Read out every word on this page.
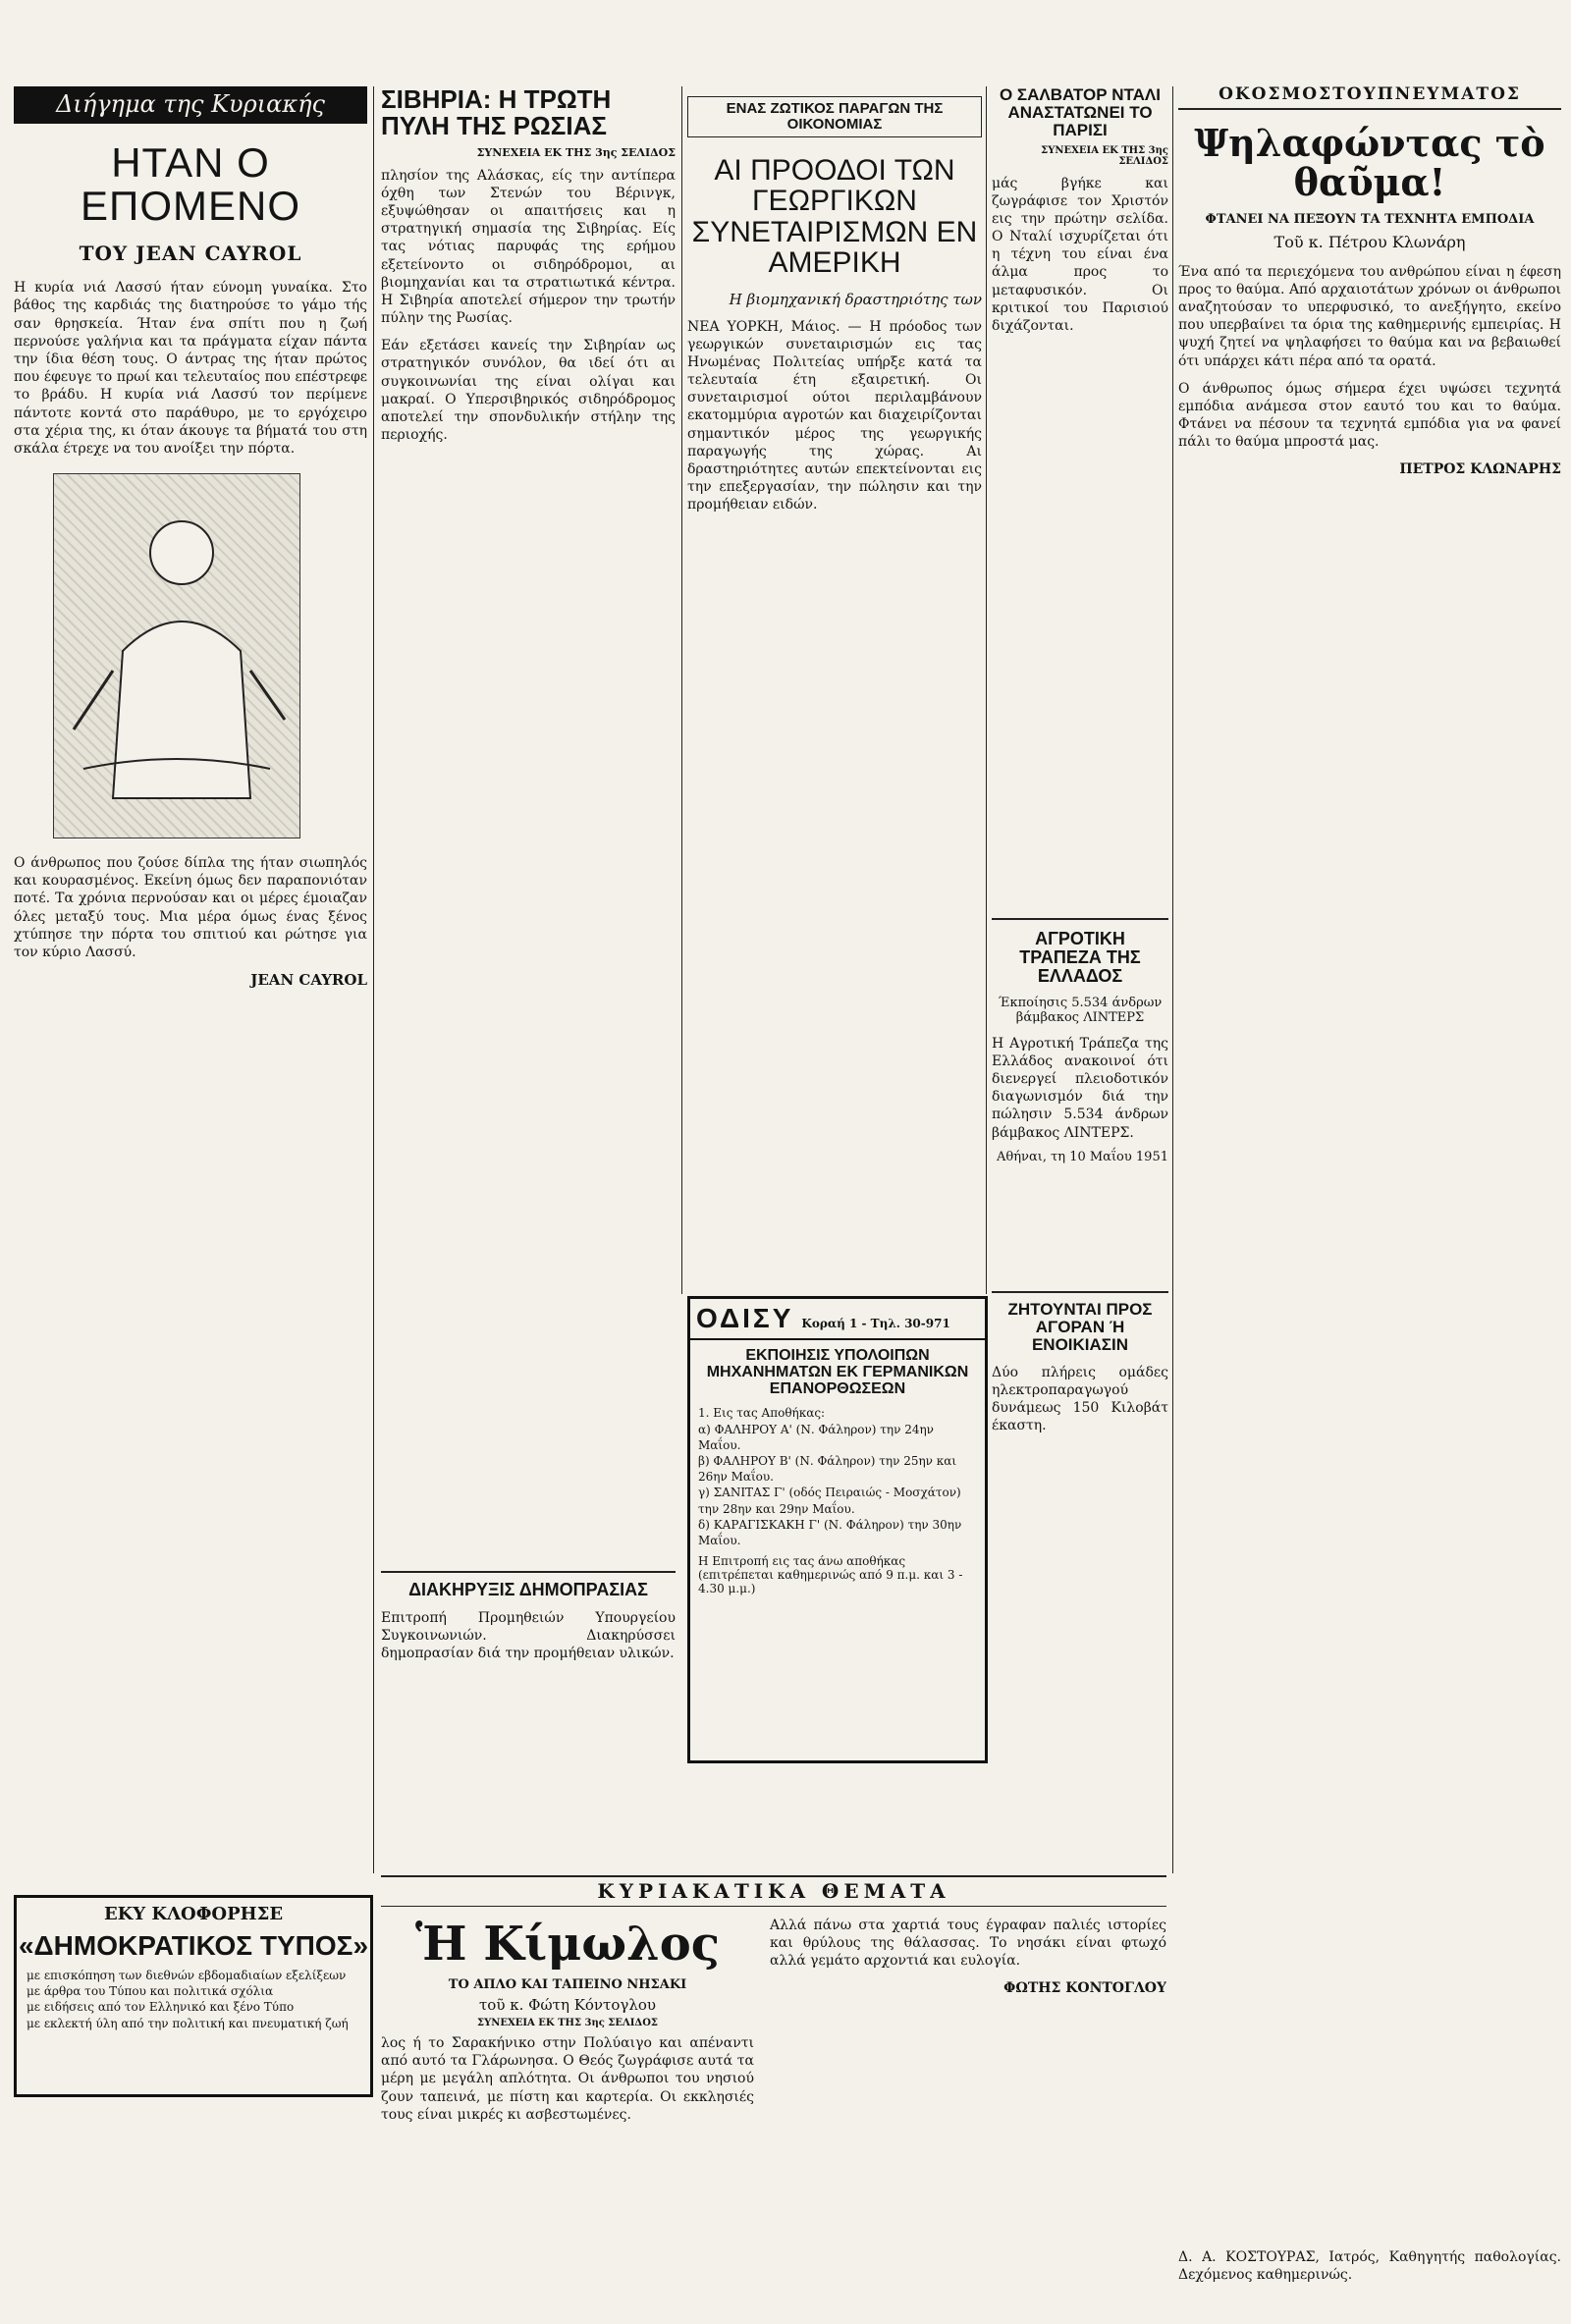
Διήγημα της Κυριακής
ΗΤΑΝ Ο ΕΠΟΜΕΝΟ
ΤΟΥ JEAN CAYROL

Η κυρία νιά Λασσύ ήταν εύνομη γυναίκα. Στο βάθος της καρδιάς της διατηρούσε το γάμο τής σαν θρησκεία. Ήταν ένα σπίτι που η ζωή περνούσε γαλήνια και τα πράγματα είχαν πάντα την ίδια θέση τους. Ο άντρας της ήταν πρώτος που έφευγε το πρωί και τελευταίος που επέστρεφε το βράδυ. Η κυρία νιά Λασσύ τον περίμενε πάντοτε κοντά στο παράθυρο, με το εργόχειρο στα χέρια της, κι όταν άκουγε τα βήματά του στη σκάλα έτρεχε να του ανοίξει την πόρτα.

Ο άνθρωπος που ζούσε δίπλα της ήταν σιωπηλός και κουρασμένος. Εκείνη όμως δεν παραπονιόταν ποτέ. Τα χρόνια περνούσαν και οι μέρες έμοιαζαν όλες μεταξύ τους. Μια μέρα όμως ένας ξένος χτύπησε την πόρτα του σπιτιού και ρώτησε για τον κύριο Λασσύ.

JEAN CAYROL
ΣΙΒΗΡΙΑ: Η ΤΡΩΤΗ ΠΥΛΗ ΤΗΣ ΡΩΣΙΑΣ
ΣΥΝΕΧΕΙΑ ΕΚ ΤΗΣ 3ης ΣΕΛΙΔΟΣ

πλησίον της Αλάσκας, είς την αντίπερα όχθη των Στενών του Βέρινγκ, εξυψώθησαν οι απαιτήσεις και η στρατηγική σημασία της Σιβηρίας. Είς τας νότιας παρυφάς της ερήμου εξετείνοντο οι σιδηρόδρομοι, αι βιομηχανίαι και τα στρατιωτικά κέντρα. Η Σιβηρία αποτελεί σήμερον την τρωτήν πύλην της Ρωσίας.

Εάν εξετάσει κανείς την Σιβηρίαν ως στρατηγικόν συνόλον, θα ιδεί ότι αι συγκοινωνίαι της είναι ολίγαι και μακραί. Ο Υπερσιβηρικός σιδηρόδρομος αποτελεί την σπονδυλικήν στήλην της περιοχής.

ΔΙΑΚΗΡΥΞΙΣ ΔΗΜΟΠΡΑΣΙΑΣ

Επιτροπή Προμηθειών Υπουργείου Συγκοινωνιών. Διακηρύσσει δημοπρασίαν διά την προμήθειαν υλικών.

ΕΝΑΣ ΖΩΤΙΚΟΣ ΠΑΡΑΓΩΝ ΤΗΣ ΟΙΚΟΝΟΜΙΑΣ
ΑΙ ΠΡΟΟΔΟΙ ΤΩΝ ΓΕΩΡΓΙΚΩΝ ΣΥΝΕΤΑΙΡΙΣΜΩΝ ΕΝ ΑΜΕΡΙΚΗ
Η βιομηχανική δραστηριότης των

ΝΕΑ ΥΟΡΚΗ, Μάιος. — Η πρόοδος των γεωργικών συνεταιρισμών εις τας Ηνωμένας Πολιτείας υπήρξε κατά τα τελευταία έτη εξαιρετική. Οι συνεταιρισμοί ούτοι περιλαμβάνουν εκατομμύρια αγροτών και διαχειρίζονται σημαντικόν μέρος της γεωργικής παραγωγής της χώρας. Αι δραστηριότητες αυτών επεκτείνονται εις την επεξεργασίαν, την πώλησιν και την προμήθειαν ειδών.

Ο ΣΑΛΒΑΤΟΡ ΝΤΑΛΙ ΑΝΑΣΤΑΤΩΝΕΙ ΤΟ ΠΑΡΙΣΙ
ΣΥΝΕΧΕΙΑ ΕΚ ΤΗΣ 3ης ΣΕΛΙΔΟΣ

μάς βγήκε και ζωγράφισε τον Χριστόν εις την πρώτην σελίδα. Ο Νταλί ισχυρίζεται ότι η τέχνη του είναι ένα άλμα προς το μεταφυσικόν. Οι κριτικοί του Παρισιού διχάζονται.

ΑΓΡΟΤΙΚΗ ΤΡΑΠΕΖΑ ΤΗΣ ΕΛΛΑΔΟΣ
Έκποίησις 5.534 άνδρων βάμβακος ΛΙΝΤΕΡΣ

Η Αγροτική Τράπεζα της Ελλάδος ανακοινοί ότι διενεργεί πλειοδοτικόν διαγωνισμόν διά την πώλησιν 5.534 άνδρων βάμβακος ΛΙΝΤΕΡΣ.

Αθήναι, τη 10 Μαΐου 1951
ΖΗΤΟΥΝΤΑΙ ΠΡΟΣ ΑΓΟΡΑΝ Ή ΕΝΟΙΚΙΑΣΙΝ

Δύο πλήρεις ομάδες ηλεκτροπαραγωγού δυνάμεως 150 Κιλοβάτ έκαστη.

ΟΚΟΣΜΟΣΤΟΥΠΝΕΥΜΑΤΟΣ
Ψηλαφώντας τὸ θαῦμα!
ΦΤΑΝΕΙ ΝΑ ΠΕΞΟΥΝ ΤΑ ΤΕΧΝΗΤΑ ΕΜΠΟΔΙΑ
Τοῦ κ. Πέτρου Κλωνάρη

Ένα από τα περιεχόμενα του ανθρώπου είναι η έφεση προς το θαύμα. Από αρχαιοτάτων χρόνων οι άνθρωποι αναζητούσαν το υπερφυσικό, το ανεξήγητο, εκείνο που υπερβαίνει τα όρια της καθημερινής εμπειρίας. Η ψυχή ζητεί να ψηλαφήσει το θαύμα και να βεβαιωθεί ότι υπάρχει κάτι πέρα από τα ορατά.

Ο άνθρωπος όμως σήμερα έχει υψώσει τεχνητά εμπόδια ανάμεσα στον εαυτό του και το θαύμα. Φτάνει να πέσουν τα τεχνητά εμπόδια για να φανεί πάλι το θαύμα μπροστά μας.

ΠΕΤΡΟΣ ΚΛΩΝΑΡΗΣ
ΟΔΙΣΥ Κοραή 1 - Τηλ. 30-971
ΕΚΠΟΙΗΣΙΣ ΥΠΟΛΟΙΠΩΝ ΜΗΧΑΝΗΜΑΤΩΝ ΕΚ ΓΕΡΜΑΝΙΚΩΝ ΕΠΑΝΟΡΘΩΣΕΩΝ
1. Εις τας Αποθήκας:
α) ΦΑΛΗΡΟΥ Α' (Ν. Φάληρον) την 24ην Μαΐου.
β) ΦΑΛΗΡΟΥ Β' (Ν. Φάληρον) την 25ην και 26ην Μαΐου.
γ) ΣΑΝΙΤΑΣ Γ' (οδός Πειραιώς - Μοσχάτον) την 28ην και 29ην Μαΐου.
δ) ΚΑΡΑΓΙΣΚΑΚΗ Γ' (Ν. Φάληρον) την 30ην Μαΐου.

Η Επιτροπή εις τας άνω αποθήκας (επιτρέπεται καθημερινώς από 9 π.μ. και 3 - 4.30 μ.μ.)

ΚΥΡΙΑΚΑΤΙΚΑ ΘΕΜΑΤΑ
Ἡ Κίμωλος
ΤΟ ΑΠΛΟ ΚΑΙ ΤΑΠΕΙΝΟ ΝΗΣΑΚΙ
τοῦ κ. Φώτη Κόντογλου
ΣΥΝΕΧΕΙΑ ΕΚ ΤΗΣ 3ης ΣΕΛΙΔΟΣ

λος ή το Σαρακήνικο στην Πολύαιγο και απέναντι από αυτό τα Γλάρωνησα. Ο Θεός ζωγράφισε αυτά τα μέρη με μεγάλη απλότητα. Οι άνθρωποι του νησιού ζουν ταπεινά, με πίστη και καρτερία. Οι εκκλησιές τους είναι μικρές κι ασβεστωμένες.

Αλλά πάνω στα χαρτιά τους έγραφαν παλιές ιστορίες και θρύλους της θάλασσας. Το νησάκι είναι φτωχό αλλά γεμάτο αρχοντιά και ευλογία.

ΦΩΤΗΣ ΚΟΝΤΟΓΛΟΥ
ΕΚΥ ΚΛΟΦΟΡΗΣΕ
«ΔΗΜΟΚΡΑΤΙΚΟΣ ΤΥΠΟΣ»
με επισκόπηση των διεθνών εβδομαδιαίων εξελίξεων
με άρθρα του Τύπου και πολιτικά σχόλια
με ειδήσεις από τον Ελληνικό και ξένο Τύπο
με εκλεκτή ύλη από την πολιτική και πνευματική ζωή

Δ. Α. ΚΟΣΤΟΥΡΑΣ, Ιατρός, Καθηγητής παθολογίας. Δεχόμενος καθημερινώς.
